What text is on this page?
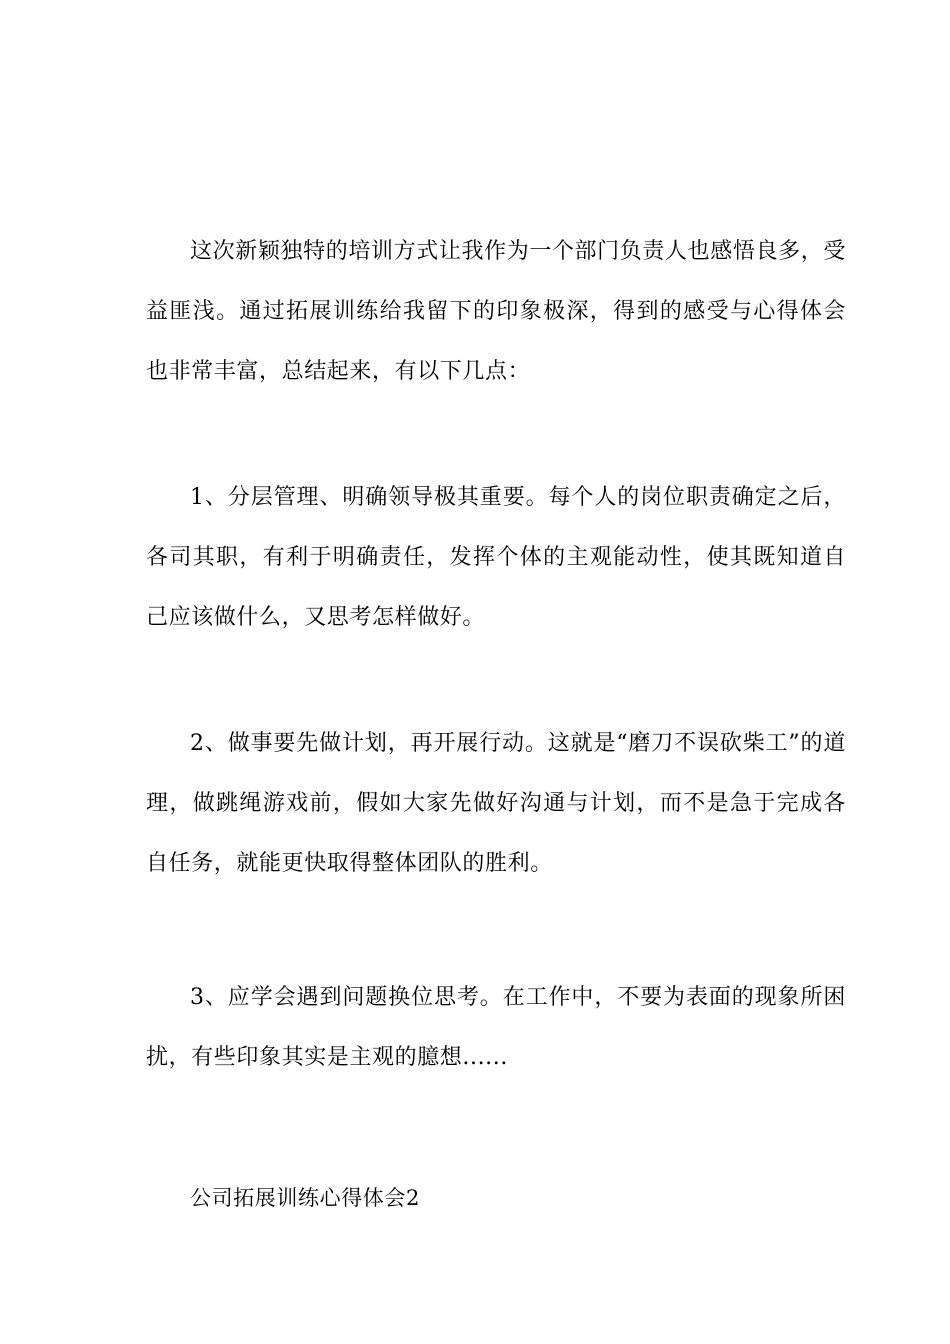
这次新颖独特的培训方式让我作为一个部门负责人也感悟良多，受益匪浅。通过拓展训练给我留下的印象极深，得到的感受与心得体会也非常丰富，总结起来，有以下几点：

1、分层管理、明确领导极其重要。每个人的岗位职责确定之后，各司其职，有利于明确责任，发挥个体的主观能动性，使其既知道自己应该做什么，又思考怎样做好。

2、做事要先做计划，再开展行动。这就是“磨刀不误砍柴工”的道理，做跳绳游戏前，假如大家先做好沟通与计划，而不是急于完成各自任务，就能更快取得整体团队的胜利。

3、应学会遇到问题换位思考。在工作中，不要为表面的现象所困扰，有些印象其实是主观的臆想......

公司拓展训练心得体会2
